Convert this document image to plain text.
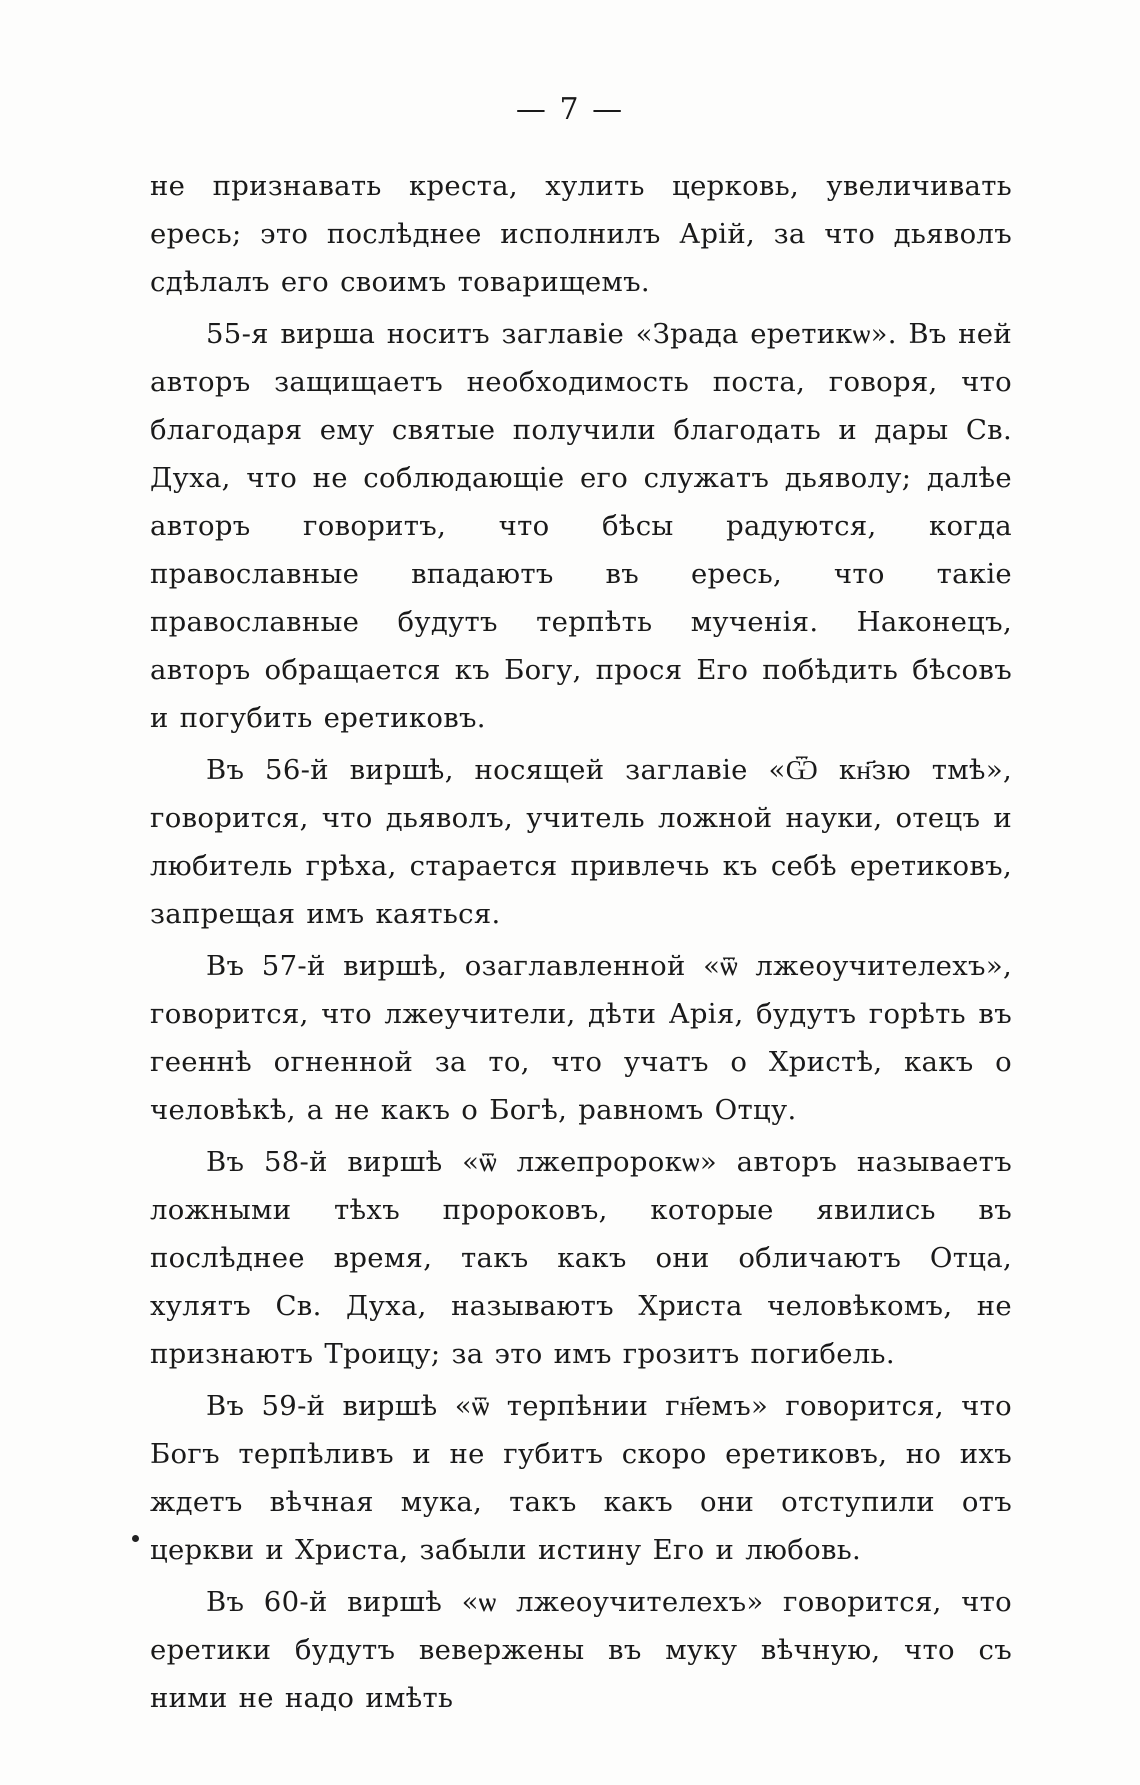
— 7 —

не признавать креста, хулить церковь, увеличивать ересь; это послѣднее исполнилъ Арій, за что дьяволъ сдѣлалъ его своимъ товарищемъ.

55-я вирша носитъ заглавіе «Зрада еретикѡ». Въ ней авторъ защищаетъ необходимость поста, говоря, что благодаря ему святые получили благодать и дары Св. Духа, что не соблюдающіе его служатъ дьяволу; далѣе авторъ говоритъ, что бѣсы радуются, когда православные впадаютъ въ ересь, что такіе православные будутъ терпѣть мученія. Наконецъ, авторъ обращается къ Богу, прося Его побѣдить бѣсовъ и погубить еретиковъ.

Въ 56-й виршѣ, носящей заглавіе «Ѿ кн҃зю тмѣ», говорится, что дьяволъ, учитель ложной науки, отецъ и любитель грѣха, старается привлечь къ себѣ еретиковъ, запрещая имъ каяться.

Въ 57-й виршѣ, озаглавленной «ѿ лжеоучителехъ», говорится, что лжеучители, дѣти Арія, будутъ горѣть въ геeннѣ огненной за то, что учатъ о Христѣ, какъ о человѣкѣ, а не какъ о Богѣ, равномъ Отцу.

Въ 58-й виршѣ «ѿ лжепророкѡ» авторъ называетъ ложными тѣхъ пророковъ, которые явились въ послѣднее время, такъ какъ они обличаютъ Отца, хулятъ Св. Духа, называютъ Христа человѣкомъ, не признаютъ Троицу; за это имъ грозитъ погибель.

Въ 59-й виршѣ «ѿ терпѣнии гн҃емъ» говорится, что Богъ терпѣливъ и не губитъ скоро еретиковъ, но ихъ ждетъ вѣчная мука, такъ какъ они отступили отъ церкви и Христа, забыли истину Его и любовь.

Въ 60-й виршѣ «ѡ лжеоучителехъ» говорится, что еретики будутъ вевержены въ муку вѣчную, что съ ними не надо имѣть
